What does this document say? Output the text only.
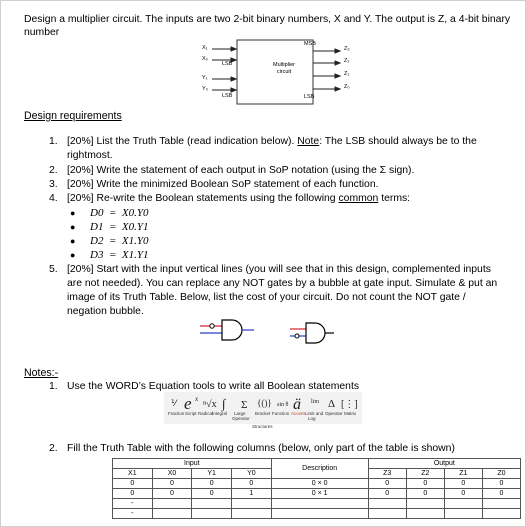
Design a multiplier circuit. The inputs are two 2-bit binary numbers, X and Y. The output is Z, a 4-bit binary number
X₁
X₀
Y₁
Y₀
LSB
LSB
Multiplier
circuit
MSB
LSB
Z₃
Z₂
Z₁
Z₀
Design requirements
1. [20%] List the Truth Table (read indication below). Note: The LSB should always be to the
rightmost.
2. [20%] Write the statement of each output in SoP notation (using the Σ sign).
3. [20%] Write the minimized Boolean SoP statement of each function.
4. [20%] Re-write the Boolean statements using the following common terms:
● D0  =  X0.Y0
● D1  =  X0.Y1
● D2  =  X1.Y0
● D3  =  X1.Y1
5. [20%] Start with the input vertical lines (you will see that in this design, complemented inputs
are not needed). You can replace any NOT gates by a bubble at gate input. Simulate & put an
image of its Truth Table. Below, list the cost of your circuit. Do not count the NOT gate /
negation bubble.
Notes:-
1. Use the WORD’s Equation tools to write all Boolean statements
⅟ e x ⁿ√x ∫ Σ {()} sin θ ä lim Δ [⋮]
Fraction Script Radical
Integral Large Bracket Function Accent Limit and Operator Matrix
Operator	Log
Structures
2. Fill the Truth Table with the following columns (below, only part of the table is shown)
Input				Description	Output			
X1	X0	Y1	Y0		Z3	Z2	Z1	Z0
0	0	0	0	0 × 0	0	0	0	0
0	0	0	1	0 × 1	0	0	0	0
-								
-								
